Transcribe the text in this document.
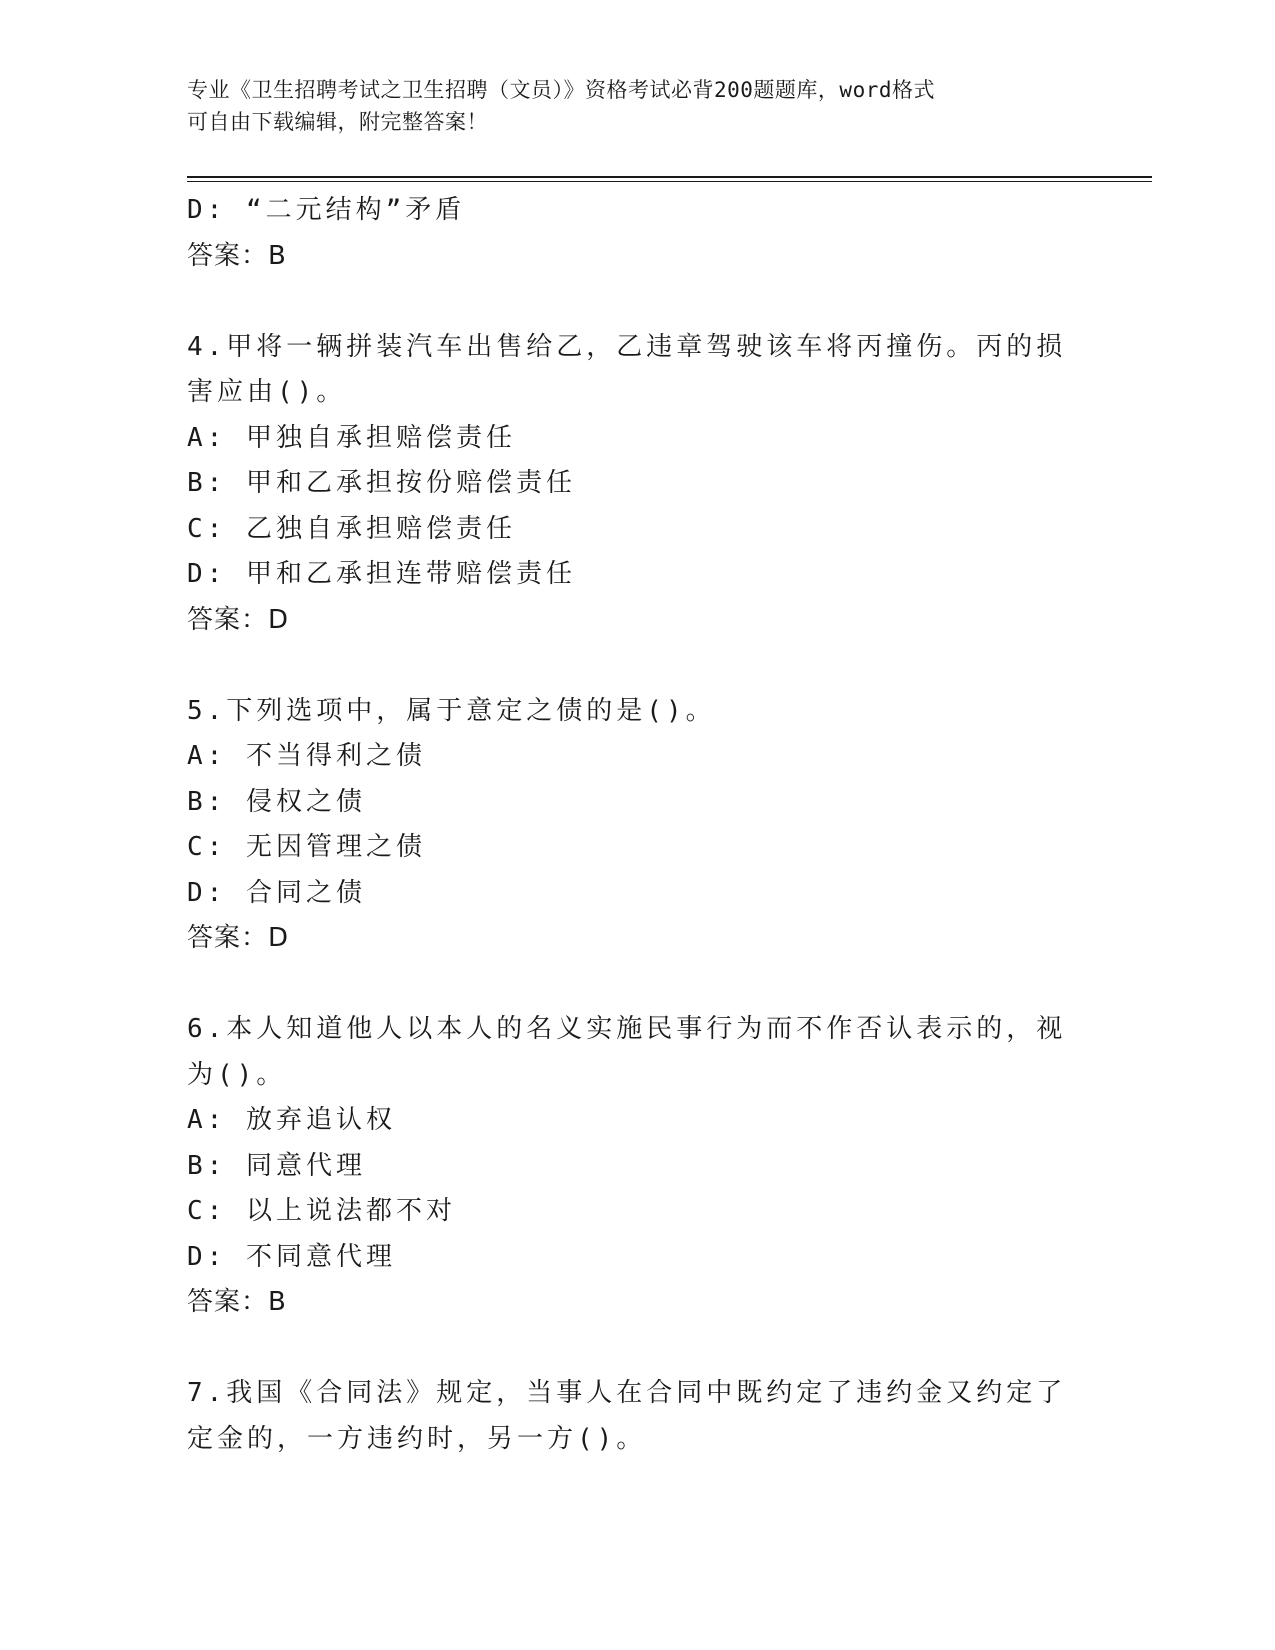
专业《卫生招聘考试之卫生招聘（文员）》资格考试必背200题题库，word格式

可自由下载编辑，附完整答案！

D: “二元结构”矛盾

答案：B

4.甲将一辆拼装汽车出售给乙，乙违章驾驶该车将丙撞伤。丙的损害应由()。

A: 甲独自承担赔偿责任

B: 甲和乙承担按份赔偿责任

C: 乙独自承担赔偿责任

D: 甲和乙承担连带赔偿责任

答案：D

5.下列选项中，属于意定之债的是()。

A: 不当得利之债

B: 侵权之债

C: 无因管理之债

D: 合同之债

答案：D

6.本人知道他人以本人的名义实施民事行为而不作否认表示的，视为()。

A: 放弃追认权

B: 同意代理

C: 以上说法都不对

D: 不同意代理

答案：B

7.我国《合同法》规定，当事人在合同中既约定了违约金又约定了定金的，一方违约时，另一方()。
